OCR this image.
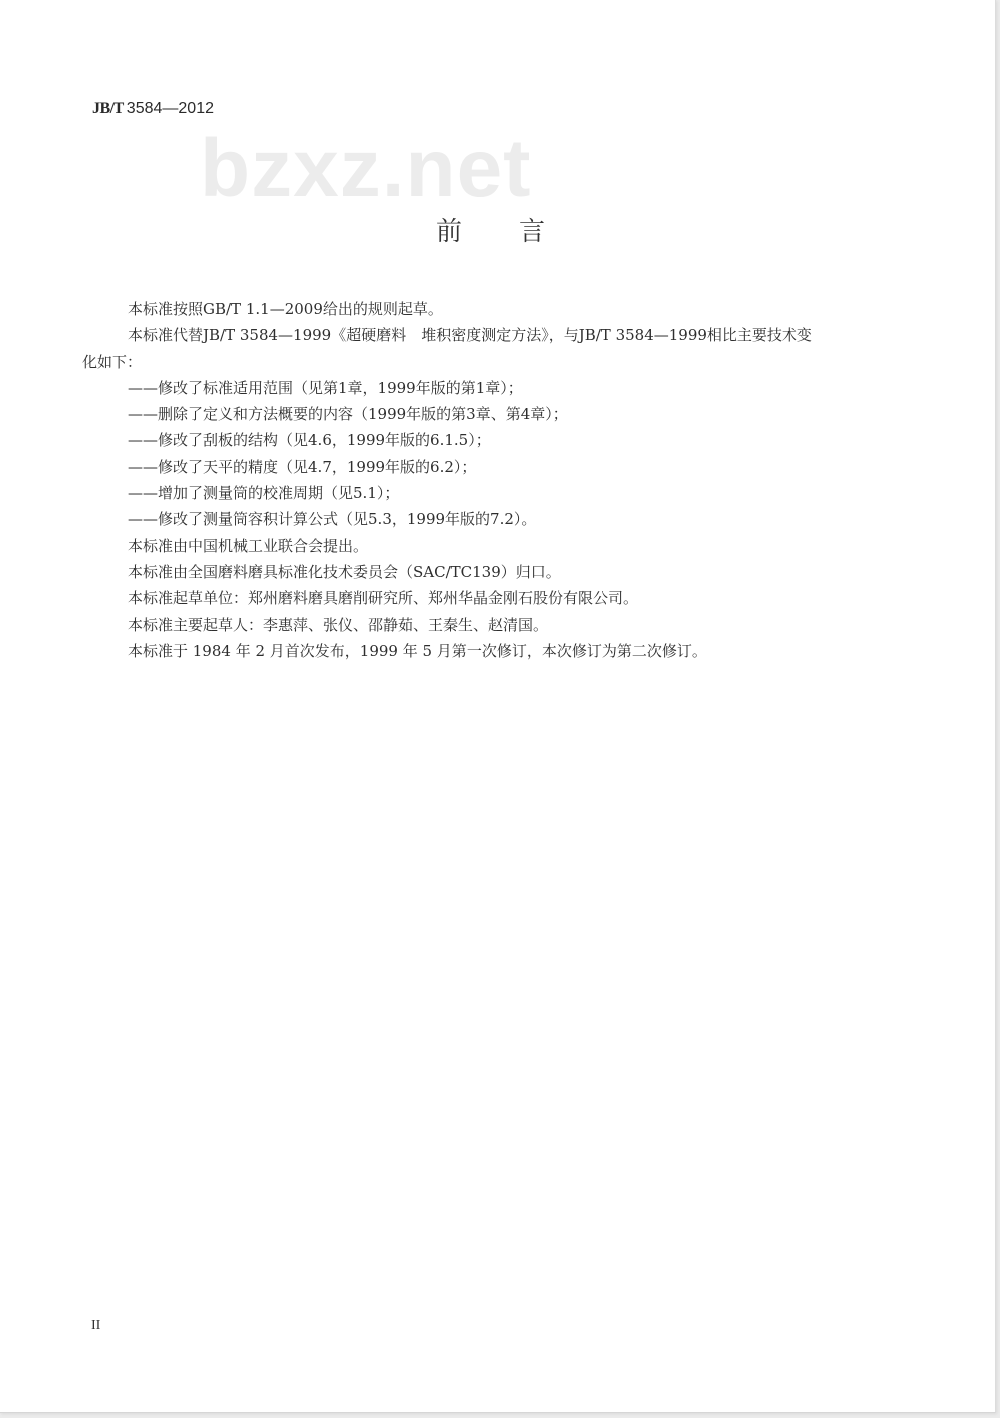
JB/T 3584—2012
bzxz.net
前 言

本标准按照GB/T 1.1—2009给出的规则起草。

本标准代替JB/T 3584—1999《超硬磨料　堆积密度测定方法》，与JB/T 3584—1999相比主要技术变

化如下：

——修改了标准适用范围（见第1章，1999年版的第1章）；

——删除了定义和方法概要的内容（1999年版的第3章、第4章）；

——修改了刮板的结构（见4.6，1999年版的6.1.5）；

——修改了天平的精度（见4.7，1999年版的6.2）；

——增加了测量筒的校准周期（见5.1）；

——修改了测量筒容积计算公式（见5.3，1999年版的7.2）。

本标准由中国机械工业联合会提出。

本标准由全国磨料磨具标准化技术委员会（SAC/TC139）归口。

本标准起草单位：郑州磨料磨具磨削研究所、郑州华晶金刚石股份有限公司。

本标准主要起草人：李惠萍、张仪、邵静茹、王秦生、赵清国。

本标准于 1984 年 2 月首次发布，1999 年 5 月第一次修订，本次修订为第二次修订。

II
